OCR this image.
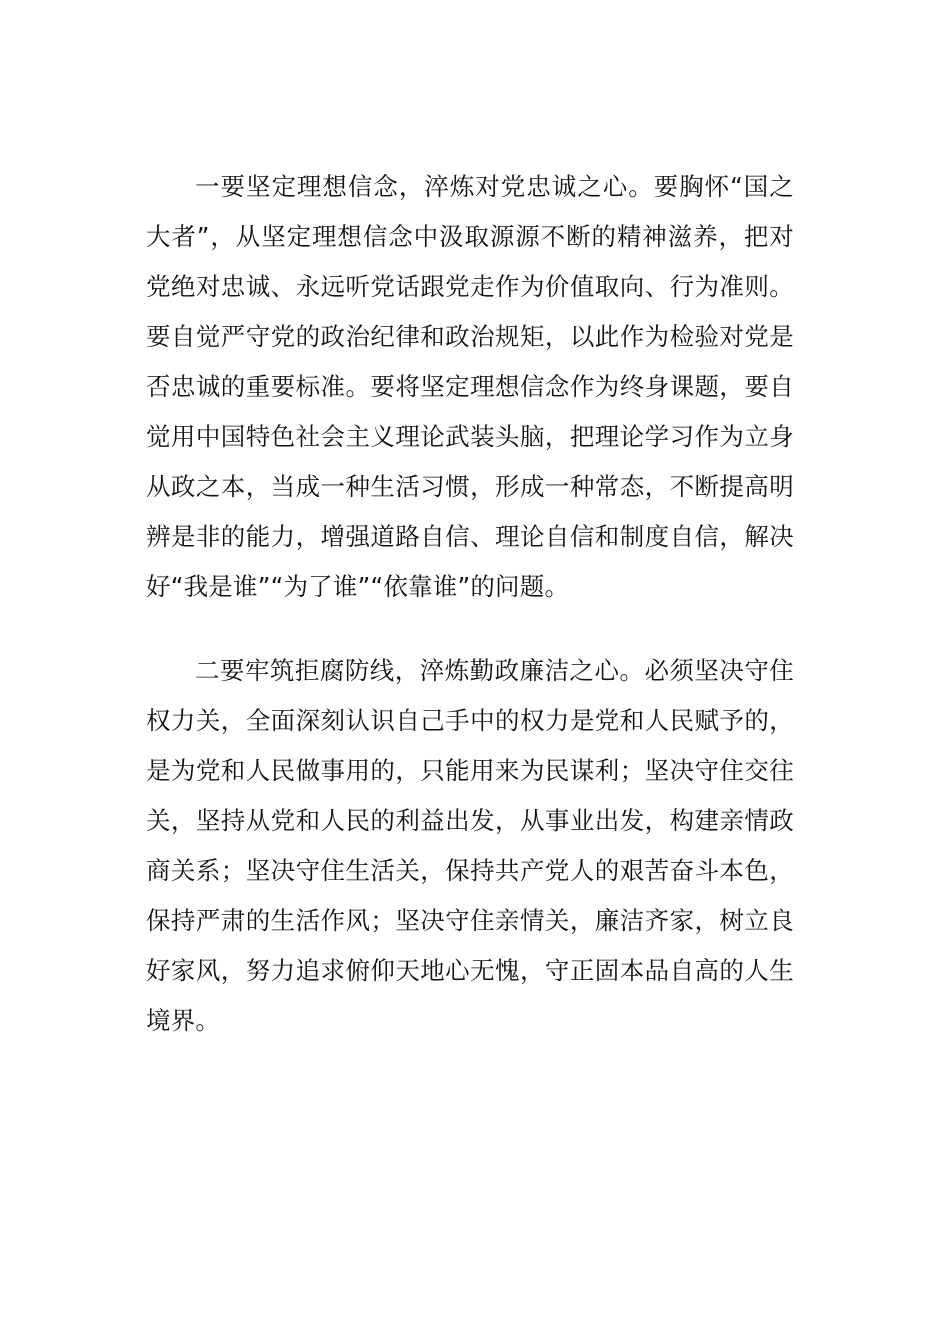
一要坚定理想信念，淬炼对党忠诚之心。要胸怀“国之大者”，从坚定理想信念中汲取源源不断的精神滋养，把对党绝对忠诚、永远听党话跟党走作为价值取向、行为准则。要自觉严守党的政治纪律和政治规矩，以此作为检验对党是否忠诚的重要标准。要将坚定理想信念作为终身课题，要自觉用中国特色社会主义理论武装头脑，把理论学习作为立身从政之本，当成一种生活习惯，形成一种常态，不断提高明辨是非的能力，增强道路自信、理论自信和制度自信，解决好“我是谁”“为了谁”“依靠谁”的问题。

二要牢筑拒腐防线，淬炼勤政廉洁之心。必须坚决守住权力关，全面深刻认识自己手中的权力是党和人民赋予的，是为党和人民做事用的，只能用来为民谋利；坚决守住交往关，坚持从党和人民的利益出发，从事业出发，构建亲情政商关系；坚决守住生活关，保持共产党人的艰苦奋斗本色，保持严肃的生活作风；坚决守住亲情关，廉洁齐家，树立良好家风，努力追求俯仰天地心无愧，守正固本品自高的人生境界。
